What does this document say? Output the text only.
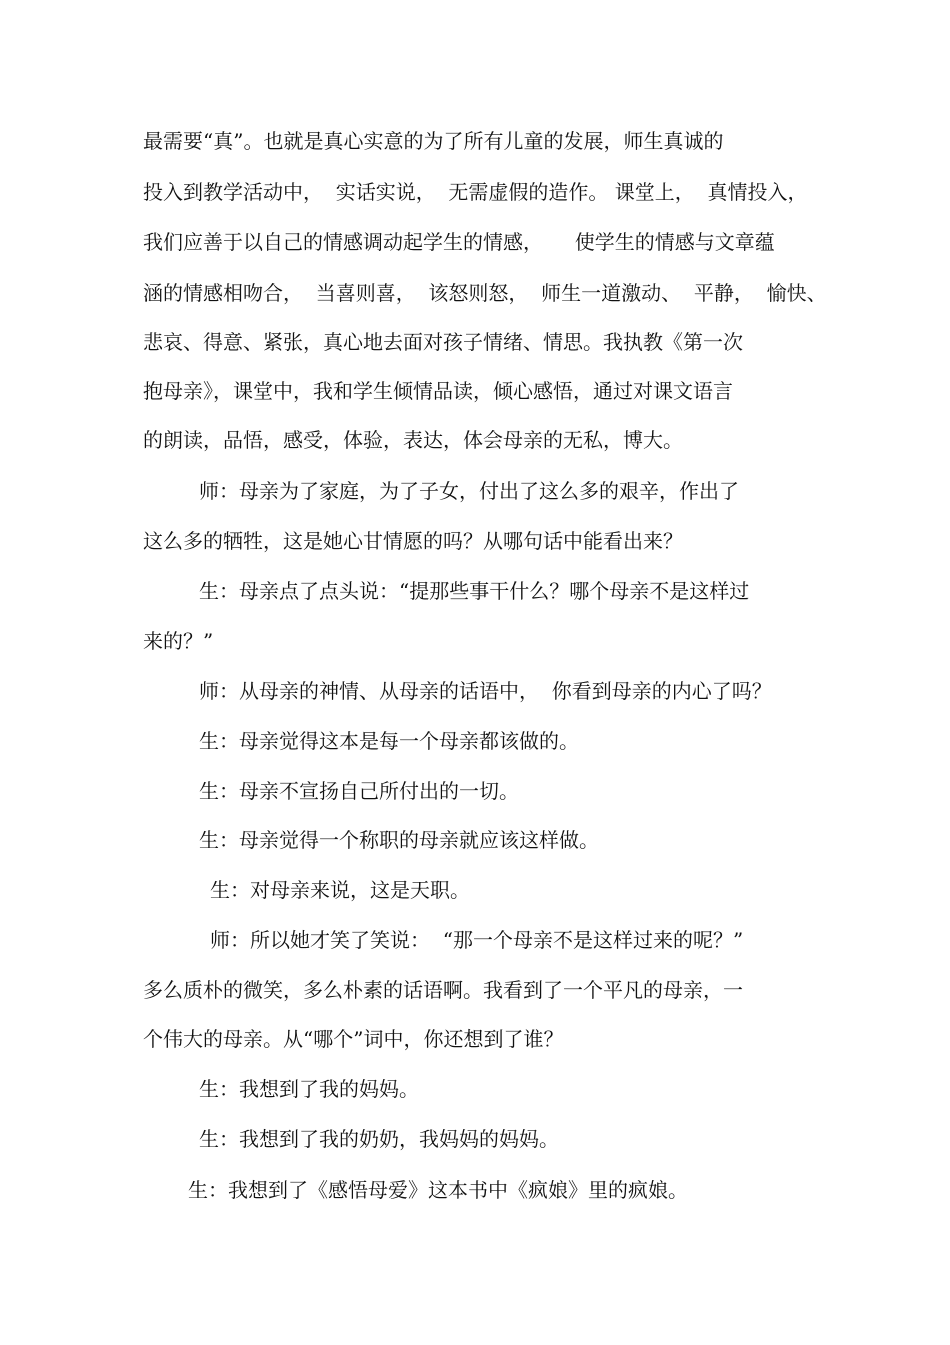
最需要“真”。也就是真心实意的为了所有儿童的发展，师生真诚的
投入到教学活动中，  实话实说，  无需虚假的造作。 课堂上，  真情投入，
我们应善于以自己的情感调动起学生的情感，     使学生的情感与文章蕴
涵的情感相吻合，  当喜则喜，  该怒则怒，  师生一道激动、  平静，  愉快、
悲哀、得意、紧张，真心地去面对孩子情绪、情思。我执教《第一次
抱母亲》，课堂中，我和学生倾情品读，倾心感悟，通过对课文语言
的朗读，品悟，感受，体验，表达，体会母亲的无私，博大。
师：母亲为了家庭，为了子女，付出了这么多的艰辛，作出了
这么多的牺牲，这是她心甘情愿的吗？从哪句话中能看出来？
生：母亲点了点头说：“提那些事干什么？哪个母亲不是这样过
来的？”
师：从母亲的神情、从母亲的话语中，  你看到母亲的内心了吗？
生：母亲觉得这本是每一个母亲都该做的。
生：母亲不宣扬自己所付出的一切。
生：母亲觉得一个称职的母亲就应该这样做。
生：对母亲来说，这是天职。
师：所以她才笑了笑说：  “那一个母亲不是这样过来的呢？”
多么质朴的微笑，多么朴素的话语啊。我看到了一个平凡的母亲，一
个伟大的母亲。从“哪个”词中，你还想到了谁？
生：我想到了我的妈妈。
生：我想到了我的奶奶，我妈妈的妈妈。
生：我想到了《感悟母爱》这本书中《疯娘》里的疯娘。
